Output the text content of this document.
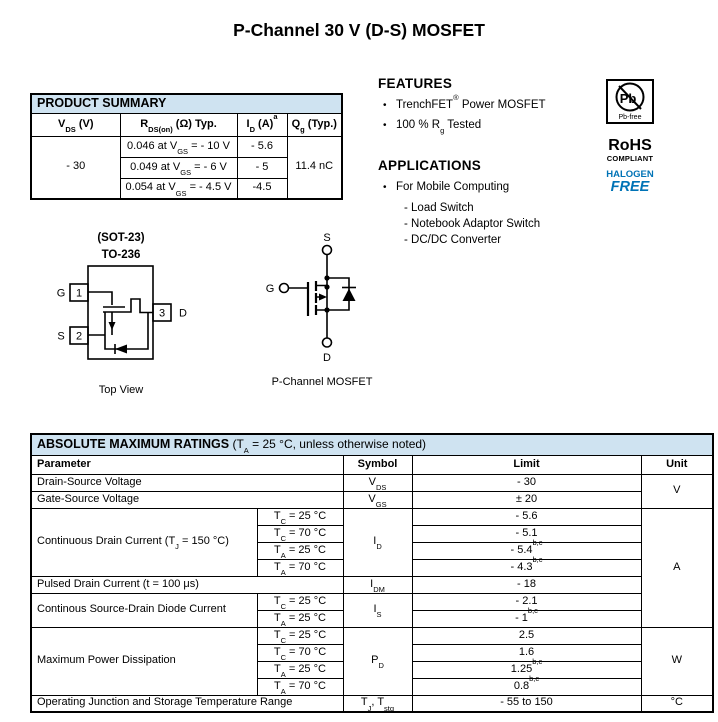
P-Channel 30 V (D-S) MOSFET
PRODUCT SUMMARY			
$V_{DS}$ (V)	$R_{DS(on)}$ (Ω) Typ.	$I_D$ $(A)^a$	$Q_g$ (Typ.)
- 30	0.046 at $V_{GS}$ = - 10 V	- 5.6	11.4 nC
	0.049 at $V_{GS}$ = - 6 V	- 5	
	0.054 at $V_{GS}$ = - 4.5 V	-4.5	
FEATURES
• TrenchFET® Power MOSFET
• 100 % $R_g$ Tested
APPLICATIONS
• For Mobile Computing
- Load Switch
- Notebook Adaptor Switch
- DC/DC Converter
Pb
Pb-free
RoHS
COMPLIANT
HALOGEN
FREE
(SOT-23)
TO-236
1
2
3
G
S
D
Top View
S
G
D
P-Channel MOSFET
ABSOLUTE MAXIMUM RATINGS ($T_A = 25$ °C, unless otherwise noted)				
Parameter		Symbol	Limit	Unit
Drain-Source Voltage		$V_{DS}$	- 30	V
Gate-Source Voltage		$V_{GS}$	± 20	
Continuous Drain Current ($T_J = 150$ °C)	$T_C = 25$ °C	$I_D$	- 5.6	A
	$T_C = 70$ °C		- 5.1	
	$T_A = 25$ °C		- 5.4$^{b,c}$
	$T_A = 70$ °C		- 4.3$^{b,c}$
Pulsed Drain Current (t = 100 μs)		$I_{DM}$	- 18	
Continous Source-Drain Diode Current	$T_C = 25$ °C	$I_S$	- 2.1	
	$T_A = 25$ °C		- 1$^{b,c}$
Maximum Power Dissipation	$T_C = 25$ °C	$P_D$	2.5	W
	$T_C = 70$ °C		1.6	
	$T_A = 25$ °C		1.25$^{b,c}$
	$T_A = 70$ °C		0.8$^{b,c}$
Operating Junction and Storage Temperature Range		$T_J$, $T_{stg}$	- 55 to 150	°C
